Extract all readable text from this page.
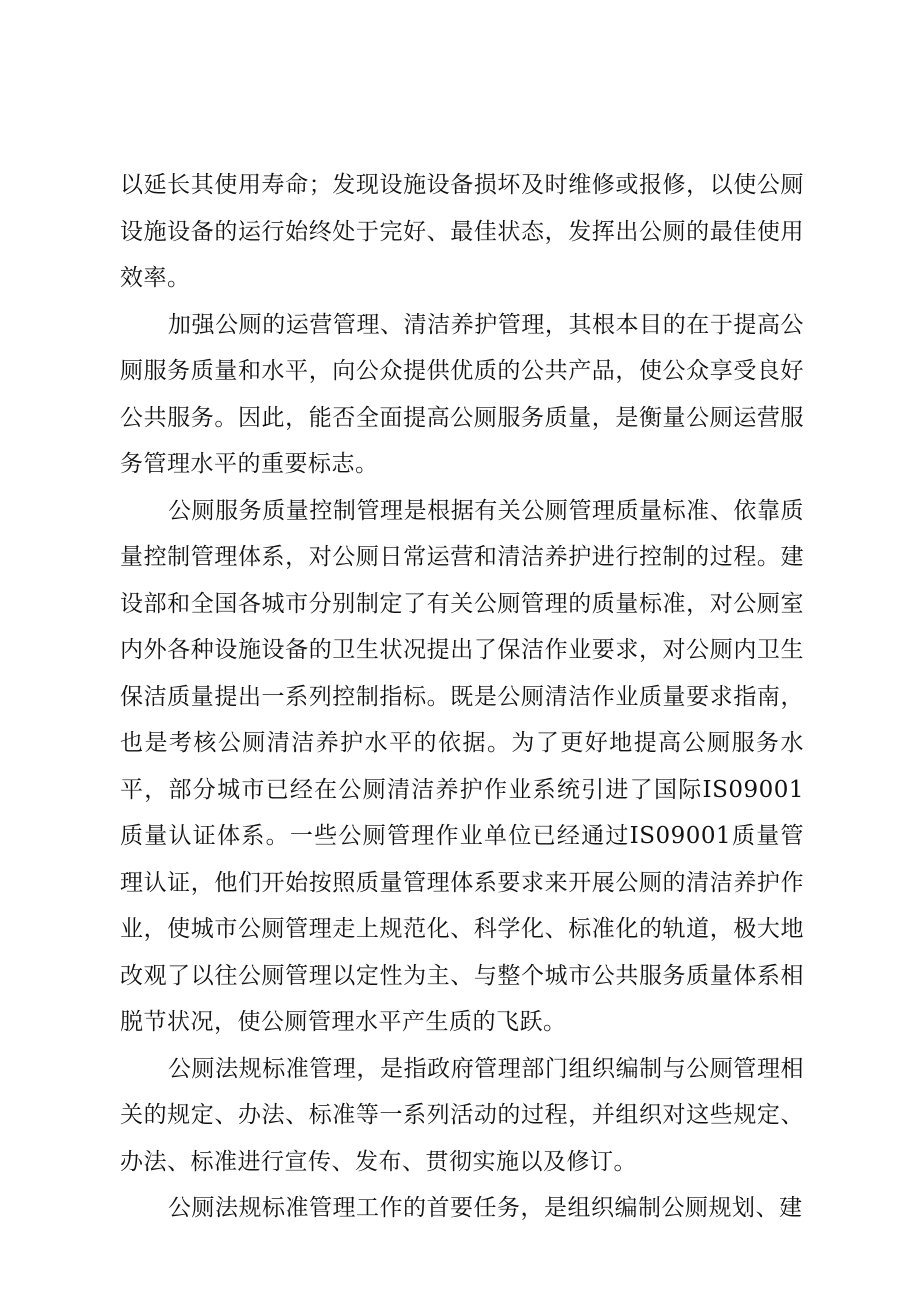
以延长其使用寿命；发现设施设备损坏及时维修或报修，以使公厕设施设备的运行始终处于完好、最佳状态，发挥出公厕的最佳使用效率。

加强公厕的运营管理、清洁养护管理，其根本目的在于提高公厕服务质量和水平，向公众提供优质的公共产品，使公众享受良好公共服务。因此，能否全面提高公厕服务质量，是衡量公厕运营服务管理水平的重要标志。

公厕服务质量控制管理是根据有关公厕管理质量标准、依靠质量控制管理体系，对公厕日常运营和清洁养护进行控制的过程。建设部和全国各城市分别制定了有关公厕管理的质量标准，对公厕室内外各种设施设备的卫生状况提出了保洁作业要求，对公厕内卫生保洁质量提出一系列控制指标。既是公厕清洁作业质量要求指南，也是考核公厕清洁养护水平的依据。为了更好地提高公厕服务水平，部分城市已经在公厕清洁养护作业系统引进了国际IS09001质量认证体系。一些公厕管理作业单位已经通过IS09001质量管理认证，他们开始按照质量管理体系要求来开展公厕的清洁养护作业，使城市公厕管理走上规范化、科学化、标准化的轨道，极大地改观了以往公厕管理以定性为主、与整个城市公共服务质量体系相脱节状况，使公厕管理水平产生质的飞跃。

公厕法规标准管理，是指政府管理部门组织编制与公厕管理相关的规定、办法、标准等一系列活动的过程，并组织对这些规定、办法、标准进行宣传、发布、贯彻实施以及修订。

公厕法规标准管理工作的首要任务，是组织编制公厕规划、建
